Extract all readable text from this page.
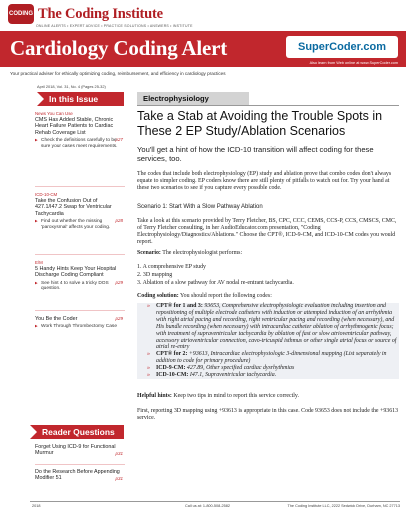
CODING The Coding Institute
ONLINE ALERTS • EXPERT ADVICE • PRACTICE SOLUTIONS • ANSWERS • INSTITUTE
Cardiology Coding Alert	SuperCoder.com
Also learn from Web online at www.SuperCoder.com
Your practical adviser for ethically optimizing coding, reimbursement, and efficiency in cardiology practices
April 2018, Vol. 31, No. 4 (Pages 25-32)
In this Issue
News You Can Use
CMS Has Added Stable, Chronic Heart Failure Patients to Cardiac Rehab Coverage List
p27
▶ Check the definitions carefully to be sure your cases meet requirements.
ICD-10-CM
Take the Confusion Out of 427.1/I47.2 Swap for Ventricular Tachycardia
p28
▶ Find out whether the missing 'paroxysmal' affects your coding.
E/M
5 Handy Hints Keep Your Hospital Discharge Coding Compliant
p29
▶ See hint 4 to solve a tricky DOS question.
You Be the Coder	p29
▶ Work Through Thrombectomy Case
Reader Questions
Forget Using ICD-9 for Functional Murmur	p31
Do the Research Before Appending Modifier 51	p31
Electrophysiology
Take a Stab at Avoiding the Trouble Spots in These 2 EP Study/Ablation Scenarios
You'll get a hint of how the ICD-10 transition will affect coding for these services, too.
The codes that include both electrophysiology (EP) study and ablation prove that combo codes don't always equate to simpler coding. EP coders know there are still plenty of pitfalls to watch out for. Try your hand at these two scenarios to see if you capture every possible code.
Scenario 1: Start With a Slow Pathway Ablation
Take a look at this scenario provided by Terry Fletcher, BS, CPC, CCC, CEMS, CCS-P, CCS, CMSCS, CMC, of Terry Fletcher consulting, in her AudioEducator.com presentation, "Coding Electrophysiology/Diagnostics/Ablations." Choose the CPT®, ICD-9-CM, and ICD-10-CM codes you would report.
Scenario: The electrophysiologist performs:
1. A comprehensive EP study
2. 3D mapping
3. Ablation of a slow pathway for AV nodal re-entrant tachycardia.
Coding solution: You should report the following codes:
» CPT® for 1 and 3: 93653, Comprehensive electrophysiologic evaluation including insertion and repositioning of multiple electrode catheters with induction or attempted induction of an arrhythmia with right atrial pacing and recording, right ventricular pacing and recording (when necessary), and His bundle recording (when necessary) with intracardiac catheter ablation of arrhythmogenic focus; with treatment of supraventricular tachycardia by ablation of fast or slow atrioventricular pathway, accessory atrioventricular connection, cavo-tricuspid isthmus or other single atrial focus or source of atrial re-entry
» CPT® for 2: +93613, Intracardiac electrophysiologic 3-dimensional mapping (List separately in addition to code for primary procedure)
» ICD-9-CM: 427.89, Other specified cardiac dysrhythmias
» ICD-10-CM: I47.1, Supraventricular tachycardia.
Helpful hints: Keep two tips in mind to report this service correctly.
First, reporting 3D mapping using +93613 is appropriate in this case. Code 93653 does not include the +93613 service.
2018	Call us at: 1-800-508-2582	The Coding Institute LLC, 2222 Sedwick Drive, Durham, NC 27713
